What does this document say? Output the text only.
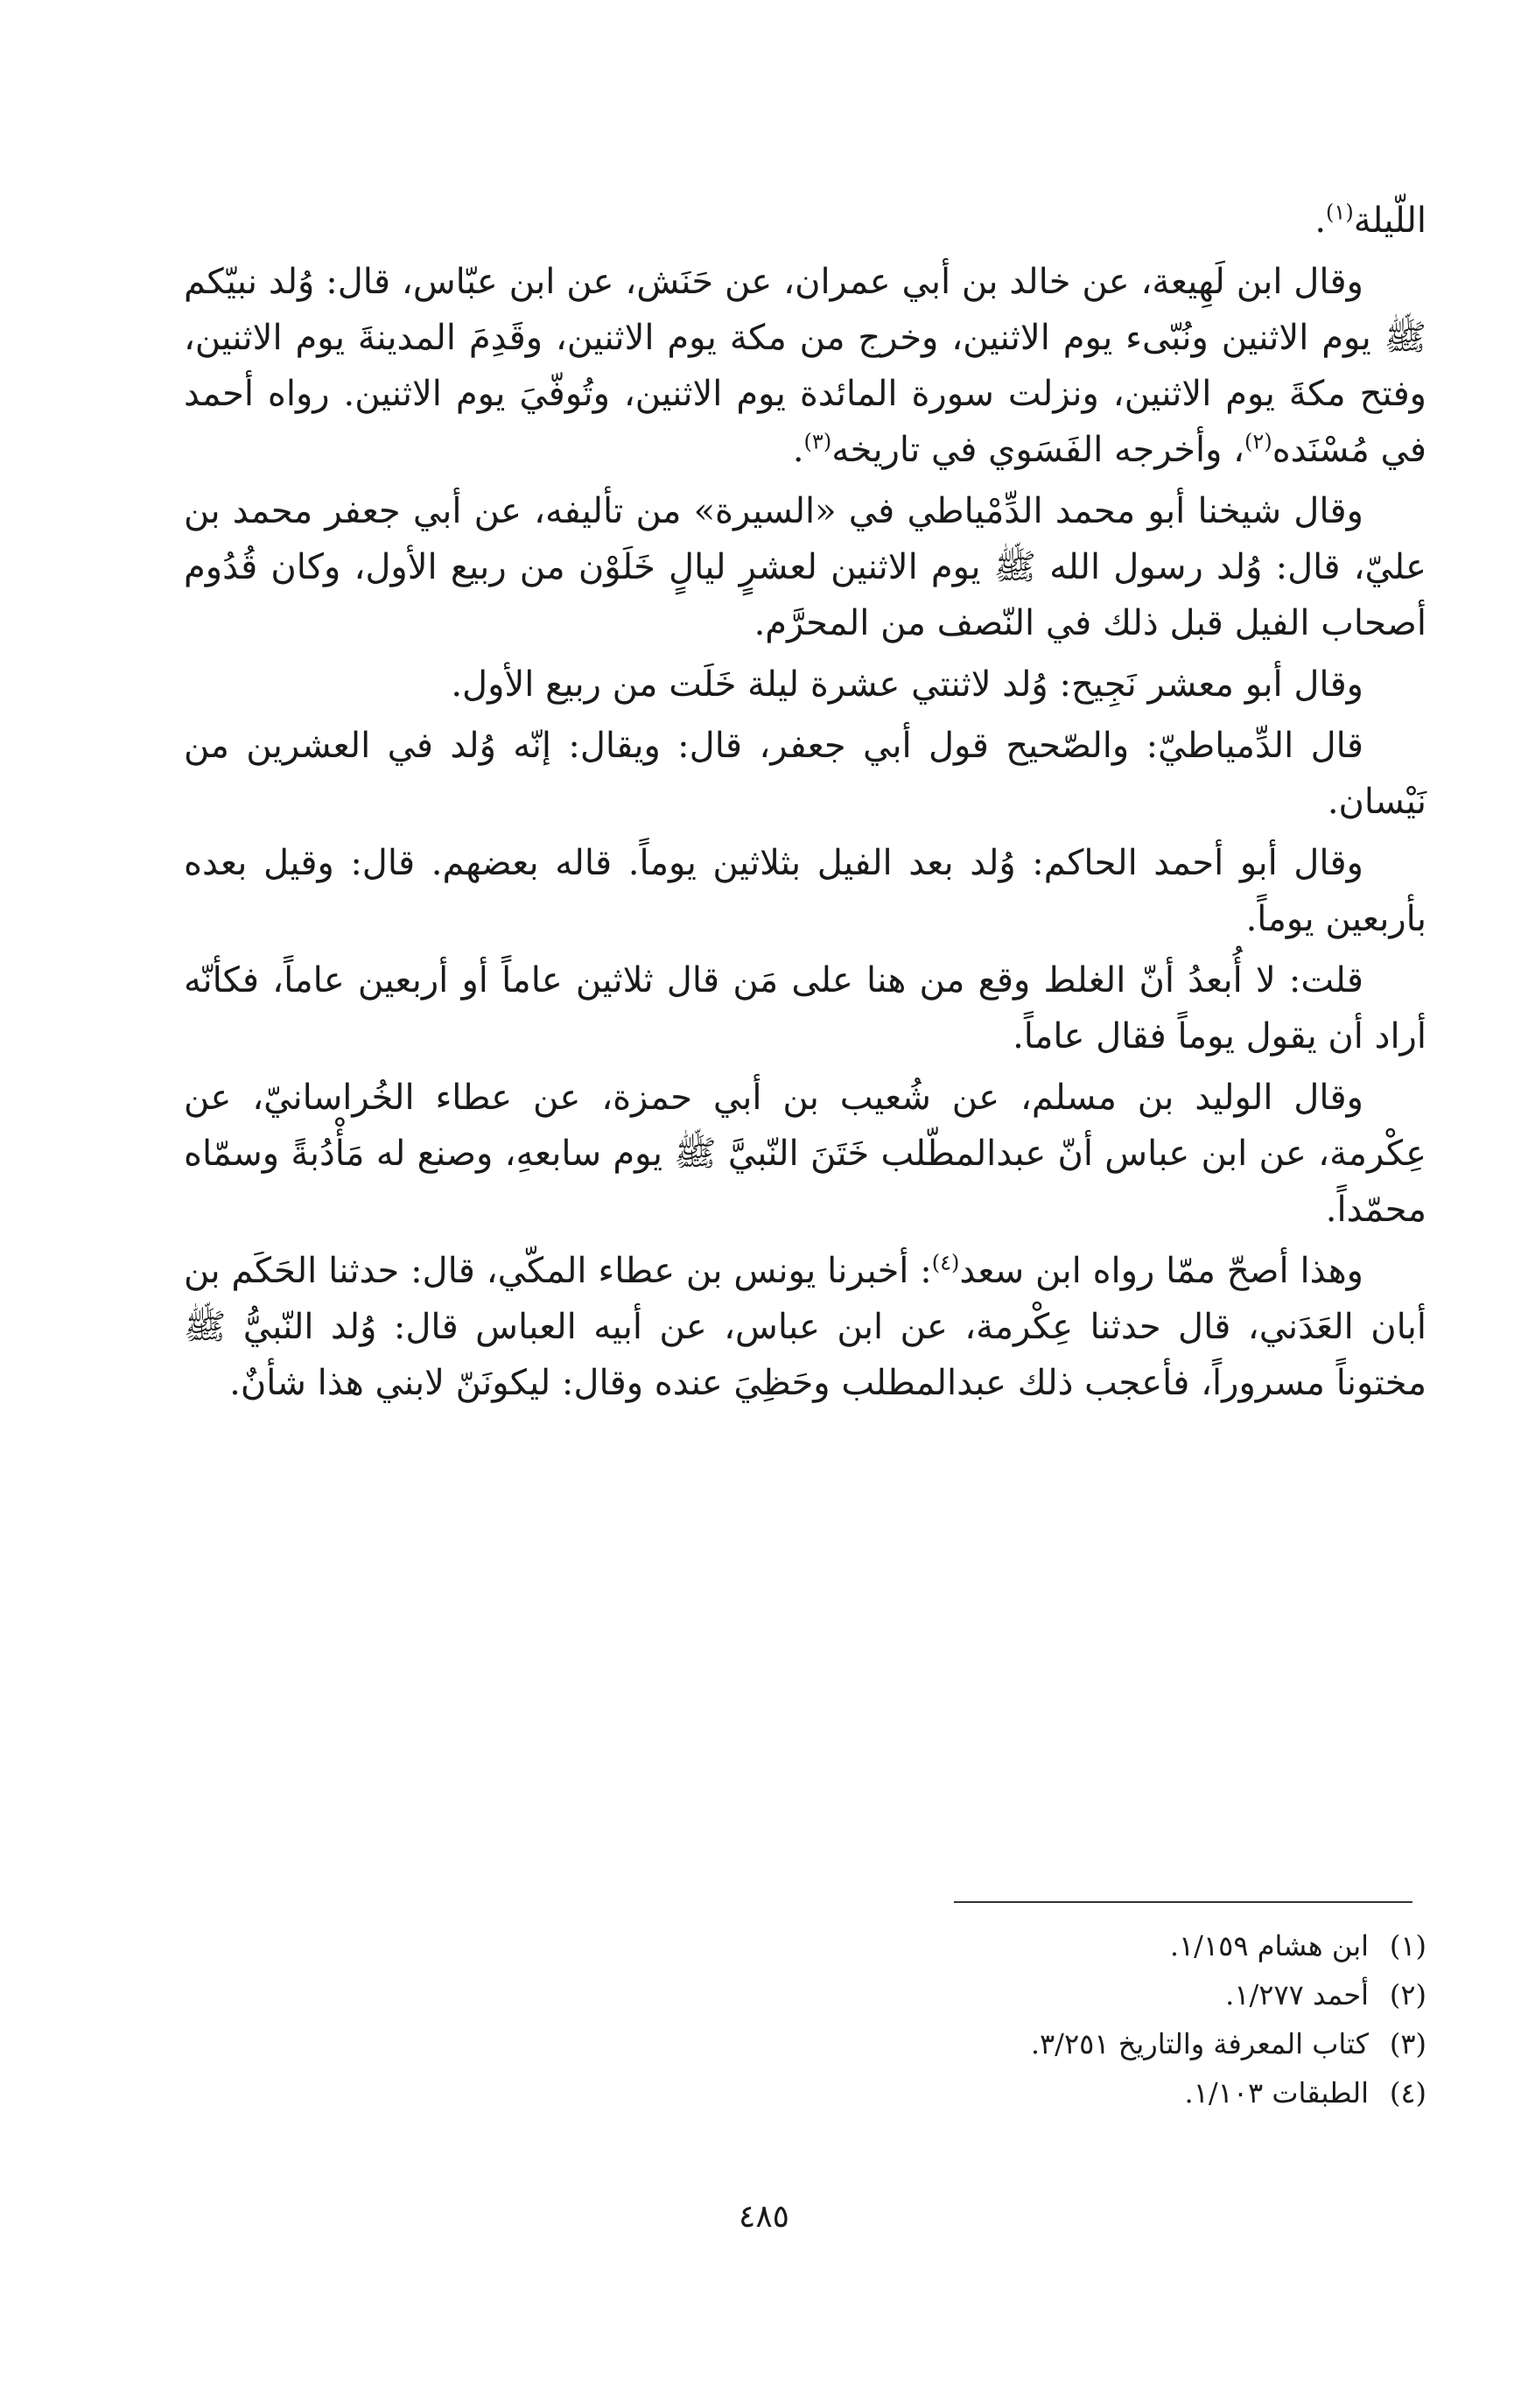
اللّيلة$^{(١)}$.

وقال ابن لَهِيعة، عن خالد بن أبي عمران، عن حَنَش، عن ابن عبّاس، قال: وُلد نبيّكم ﷺ يوم الاثنين ونُبّىء يوم الاثنين، وخرج من مكة يوم الاثنين، وقَدِمَ المدينةَ يوم الاثنين، وفتح مكةَ يوم الاثنين، ونزلت سورة المائدة يوم الاثنين، وتُوفّيَ يوم الاثنين. رواه أحمد في مُسْنَده$^{(٢)}$، وأخرجه الفَسَوي في تاريخه$^{(٣)}$.

وقال شيخنا أبو محمد الدِّمْياطي في «السيرة» من تأليفه، عن أبي جعفر محمد بن عليّ، قال: وُلد رسول الله ﷺ يوم الاثنين لعشرٍ ليالٍ خَلَوْن من ربيع الأول، وكان قُدُوم أصحاب الفيل قبل ذلك في النّصف من المحرَّم.

وقال أبو معشر نَجِيح: وُلد لاثنتي عشرة ليلة خَلَت من ربيع الأول.

قال الدِّمياطيّ: والصّحيح قول أبي جعفر، قال: ويقال: إنّه وُلد في العشرين من نَيْسان.

وقال أبو أحمد الحاكم: وُلد بعد الفيل بثلاثين يوماً. قاله بعضهم. قال: وقيل بعده بأربعين يوماً.

قلت: لا أُبعدُ أنّ الغلط وقع من هنا على مَن قال ثلاثين عاماً أو أربعين عاماً، فكأنّه أراد أن يقول يوماً فقال عاماً.

وقال الوليد بن مسلم، عن شُعيب بن أبي حمزة، عن عطاء الخُراسانيّ، عن عِكْرمة، عن ابن عباس أنّ عبدالمطّلب خَتَنَ النّبيَّ ﷺ يوم سابعهِ، وصنع له مَأْدُبةً وسمّاه محمّداً.

وهذا أصحّ ممّا رواه ابن سعد$^{(٤)}$: أخبرنا يونس بن عطاء المكّي، قال: حدثنا الحَكَم بن أبان العَدَني، قال حدثنا عِكْرمة، عن ابن عباس، عن أبيه العباس قال: وُلد النّبيُّ ﷺ مختوناً مسروراً، فأعجب ذلك عبدالمطلب وحَظِيَ عنده وقال: ليكونَنّ لابني هذا شأنٌ.

(١)ابن هشام ١/١٥٩.
(٢)أحمد ١/٢٧٧.
(٣)كتاب المعرفة والتاريخ ٣/٢٥١.
(٤)الطبقات ١/١٠٣.
٤٨٥
